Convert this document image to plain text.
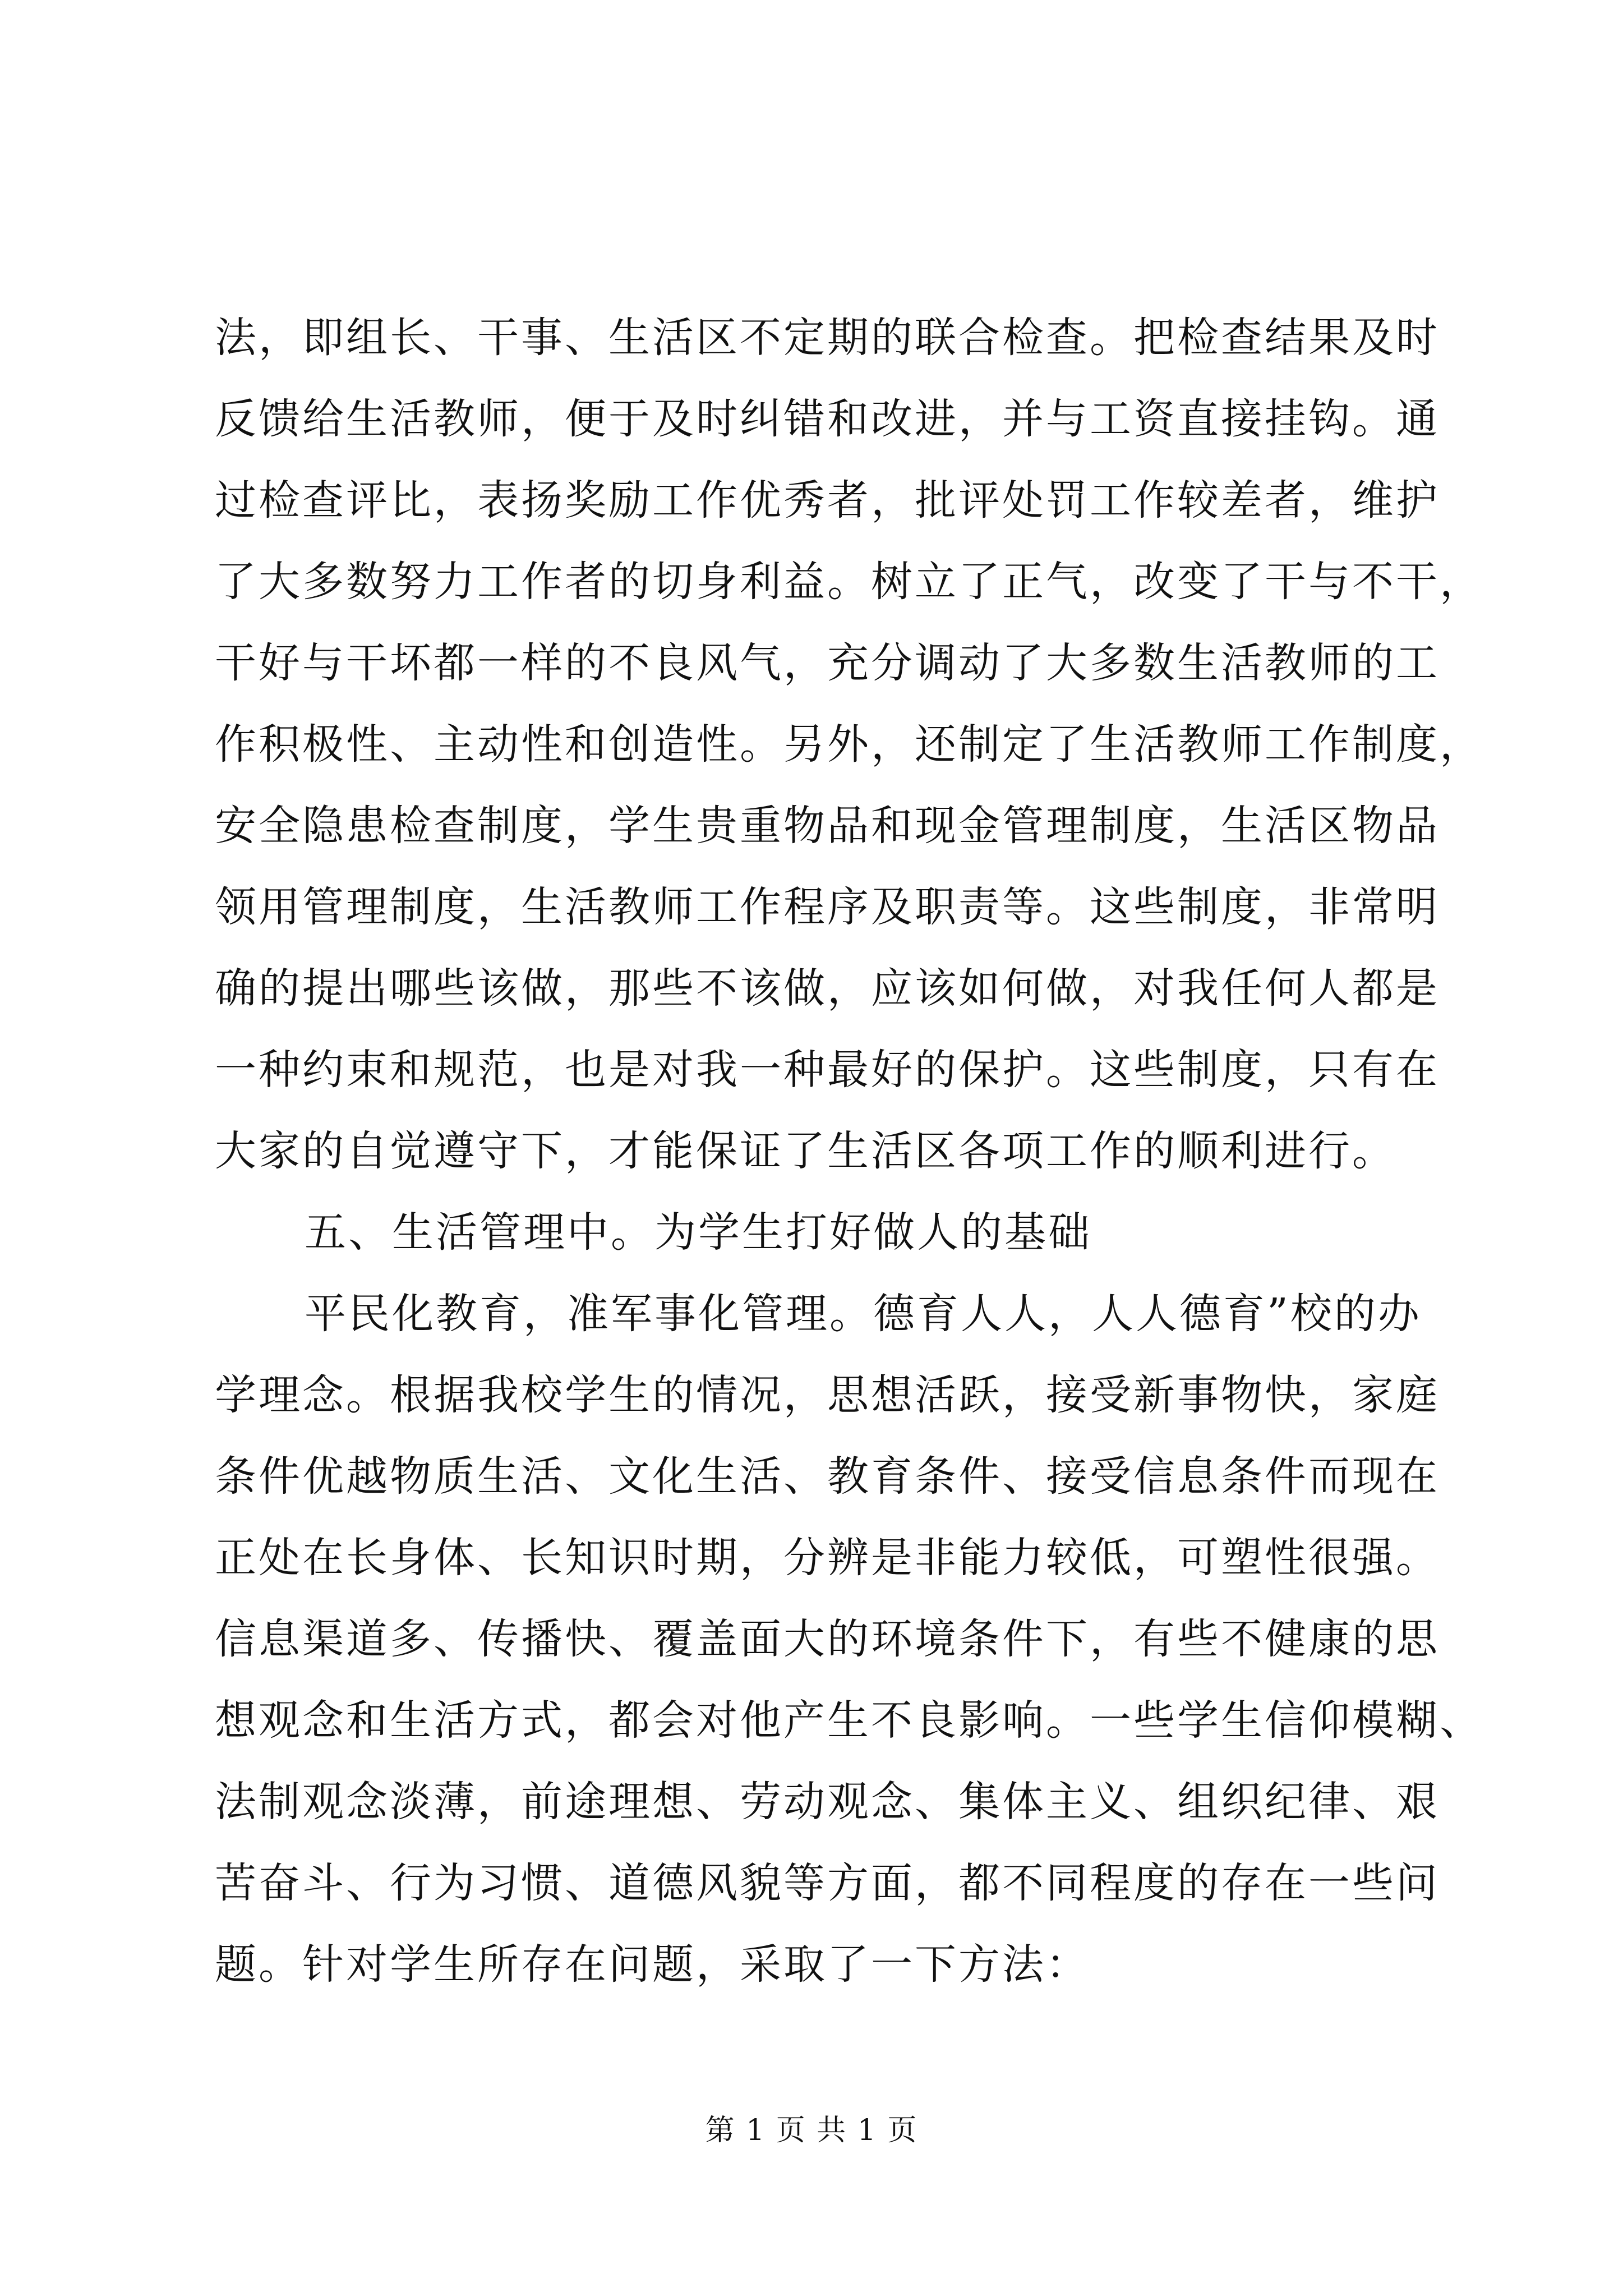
法，即组长、干事、生活区不定期的联合检查。把检查结果及时
反馈给生活教师，便于及时纠错和改进，并与工资直接挂钩。通
过检查评比，表扬奖励工作优秀者，批评处罚工作较差者，维护
了大多数努力工作者的切身利益。树立了正气，改变了干与不干，
干好与干坏都一样的不良风气，充分调动了大多数生活教师的工
作积极性、主动性和创造性。另外，还制定了生活教师工作制度，
安全隐患检查制度，学生贵重物品和现金管理制度，生活区物品
领用管理制度，生活教师工作程序及职责等。这些制度，非常明
确的提出哪些该做，那些不该做，应该如何做，对我任何人都是
一种约束和规范，也是对我一种最好的保护。这些制度，只有在
大家的自觉遵守下，才能保证了生活区各项工作的顺利进行。
五、生活管理中。为学生打好做人的基础
平民化教育，准军事化管理。德育人人，人人德育”校的办
学理念。根据我校学生的情况，思想活跃，接受新事物快，家庭
条件优越物质生活、文化生活、教育条件、接受信息条件而现在
正处在长身体、长知识时期，分辨是非能力较低，可塑性很强。
信息渠道多、传播快、覆盖面大的环境条件下，有些不健康的思
想观念和生活方式，都会对他产生不良影响。一些学生信仰模糊、
法制观念淡薄，前途理想、劳动观念、集体主义、组织纪律、艰
苦奋斗、行为习惯、道德风貌等方面，都不同程度的存在一些问
题。针对学生所存在问题，采取了一下方法：
第 1 页 共 1 页
